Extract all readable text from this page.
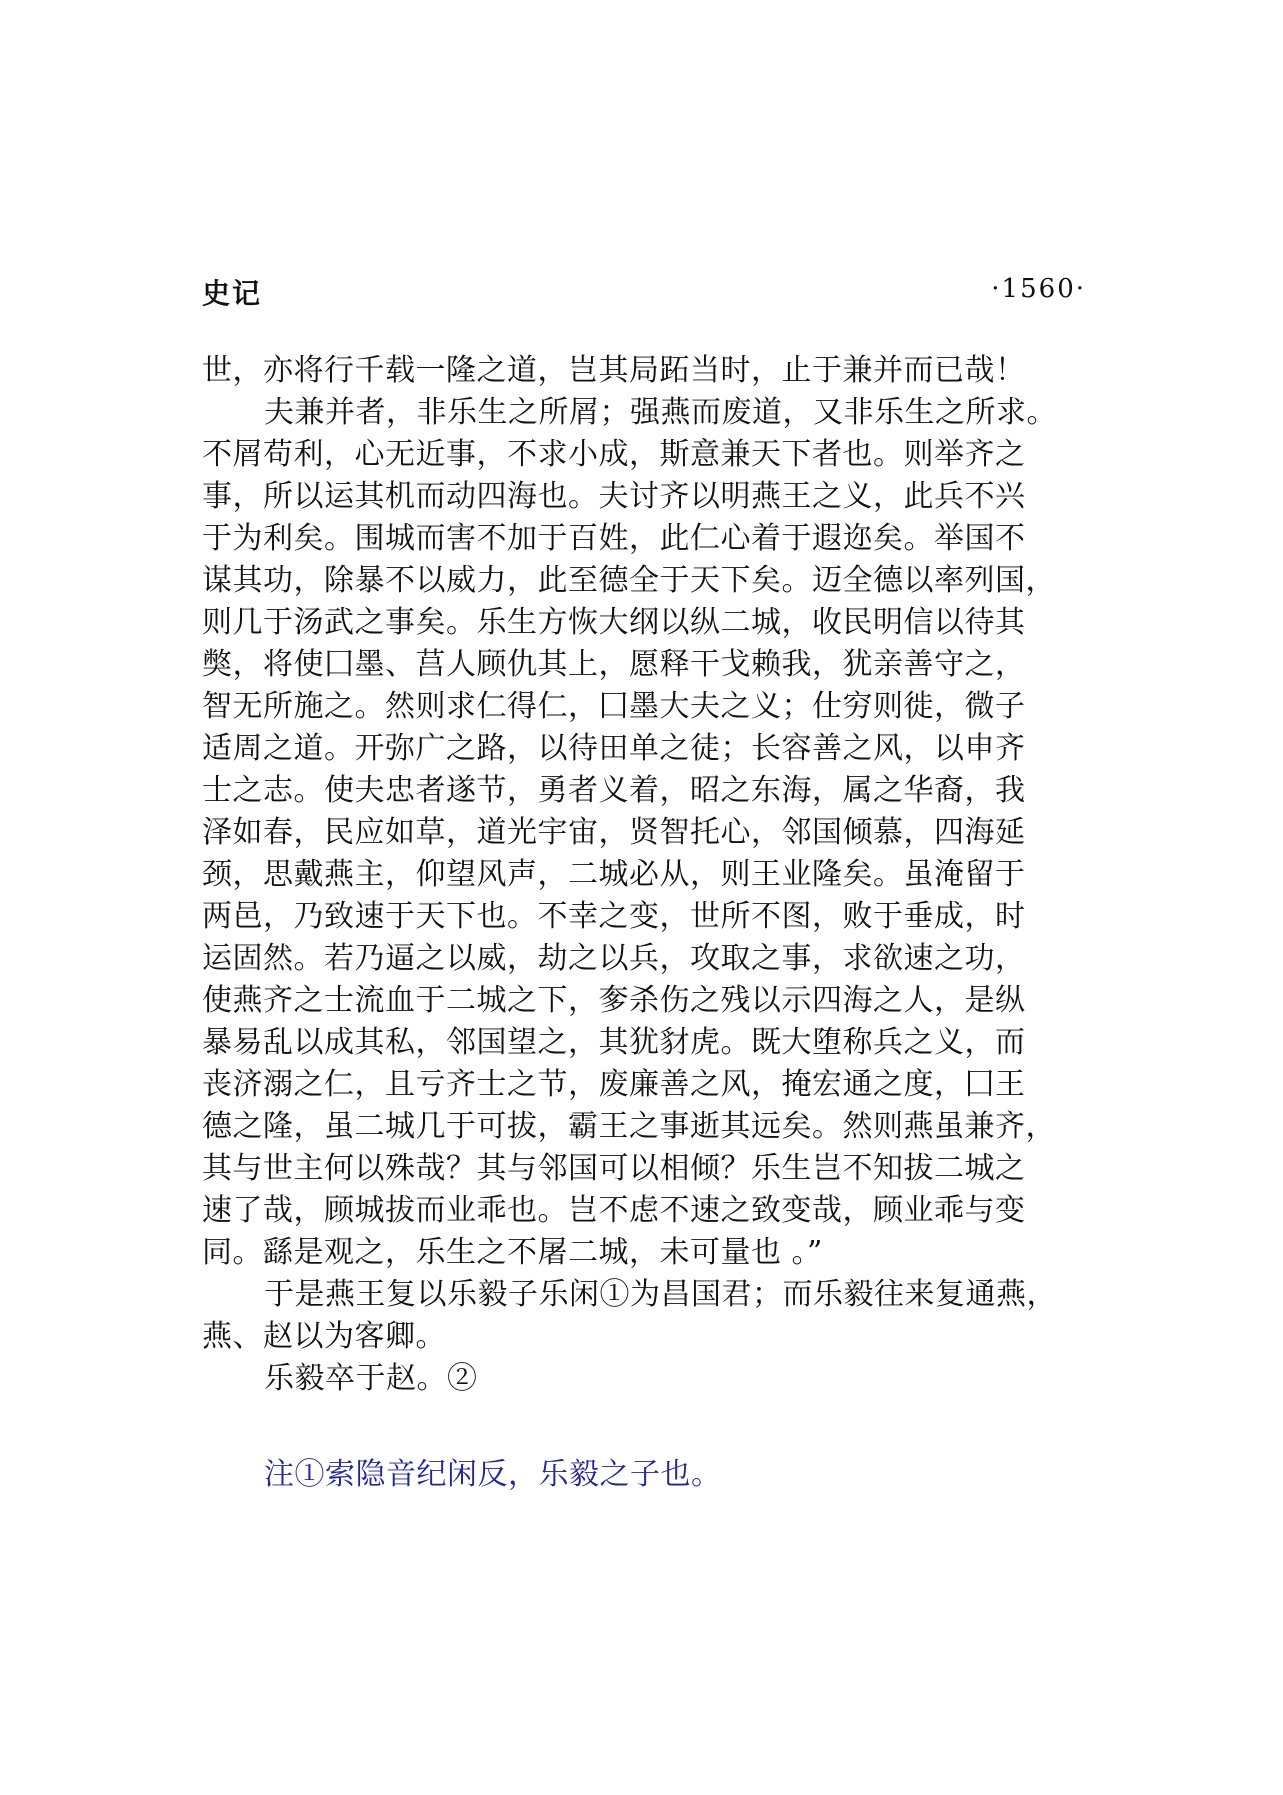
史记	·1560·
世，亦将行千载一隆之道，岂其局跖当时，止于兼并而已哉！
夫兼并者，非乐生之所屑；强燕而废道，又非乐生之所求。
不屑苟利，心无近事，不求小成，斯意兼天下者也。则举齐之
事，所以运其机而动四海也。夫讨齐以明燕王之义，此兵不兴
于为利矣。围城而害不加于百姓，此仁心着于遐迩矣。举国不
谋其功，除暴不以威力，此至德全于天下矣。迈全德以率列国，
则几于汤武之事矣。乐生方恢大纲以纵二城，收民明信以待其
獘，将使囗墨、莒人顾仇其上，愿释干戈赖我，犹亲善守之，
智无所施之。然则求仁得仁，囗墨大夫之义；仕穷则徙，微子
适周之道。开弥广之路，以待田单之徒；长容善之风，以申齐
士之志。使夫忠者遂节，勇者义着，昭之东海，属之华裔，我
泽如春，民应如草，道光宇宙，贤智托心，邻国倾慕，四海延
颈，思戴燕主，仰望风声，二城必从，则王业隆矣。虽淹留于
两邑，乃致速于天下也。不幸之变，世所不图，败于垂成，时
运固然。若乃逼之以威，劫之以兵，攻取之事，求欲速之功，
使燕齐之士流血于二城之下，奓杀伤之残以示四海之人，是纵
暴易乱以成其私，邻国望之，其犹豺虎。既大堕称兵之义，而
丧济溺之仁，且亏齐士之节，废廉善之风，掩宏通之度，囗王
德之隆，虽二城几于可拔，霸王之事逝其远矣。然则燕虽兼齐，
其与世主何以殊哉？其与邻国可以相倾？乐生岂不知拔二城之
速了哉，顾城拔而业乖也。岂不虑不速之致变哉，顾业乖与变
同。繇是观之，乐生之不屠二城，未可量也 。”
于是燕王复以乐毅子乐闲①为昌国君；而乐毅往来复通燕，
燕、赵以为客卿。
乐毅卒于赵。②
注①索隐音纪闲反，乐毅之子也。
